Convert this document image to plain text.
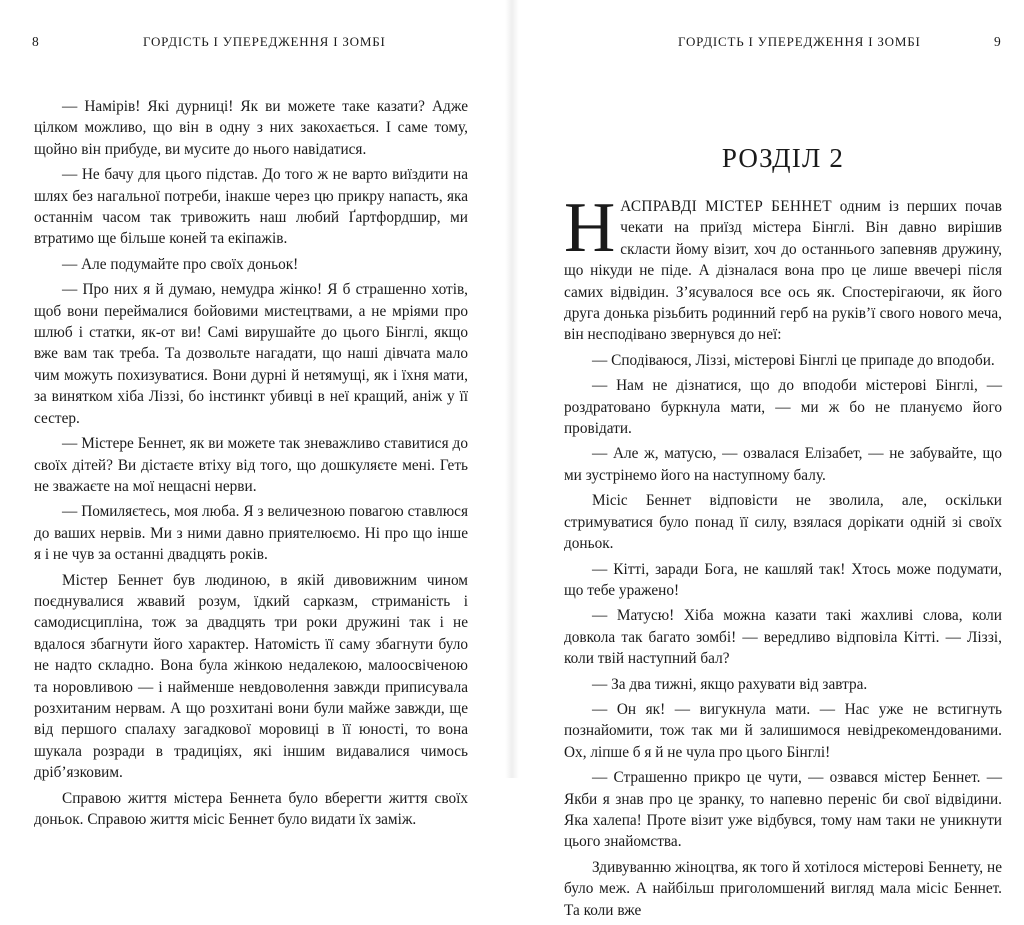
8	ГОРДІСТЬ І УПЕРЕДЖЕННЯ І ЗОМБІ

— Намірів! Які дурниці! Як ви можете таке казати? Адже цілком можливо, що він в одну з них закохається. І саме тому, щойно він прибуде, ви мусите до нього навідатися.

— Не бачу для цього підстав. До того ж не варто виїздити на шлях без нагальної потреби, інакше через цю прикру напасть, яка останнім часом так тривожить наш любий Ґартфордшир, ми втратимо ще більше коней та екіпажів.

— Але подумайте про своїх доньок!

— Про них я й думаю, немудра жінко! Я б страшенно хотів, щоб вони переймалися бойовими мистецтвами, а не мріями про шлюб і статки, як-от ви! Самі вирушайте до цього Бінглі, якщо вже вам так треба. Та дозвольте нагадати, що наші дівчата мало чим можуть похизуватися. Вони дурні й нетямущі, як і їхня мати, за винятком хіба Ліззі, бо інстинкт убивці в неї кращий, аніж у її сестер.

— Містере Беннет, як ви можете так зневажливо ставитися до своїх дітей? Ви дістаєте втіху від того, що дошкуляєте мені. Геть не зважаєте на мої нещасні нерви.

— Помиляєтесь, моя люба. Я з величезною повагою ставлюся до ваших нервів. Ми з ними давно приятелюємо. Ні про що інше я і не чув за останні двадцять років.

Містер Беннет був людиною, в якій дивовижним чином поєднувалися жвавий розум, їдкий сарказм, стриманість і самодисципліна, тож за двадцять три роки дружині так і не вдалося збагнути його характер. Натомість її саму збагнути було не надто складно. Вона була жінкою недалекою, малоосвіченою та норовливою — і найменше невдоволення завжди приписувала розхитаним нервам. А що розхитані вони були майже завжди, ще від першого спалаху загадкової моровиці в її юності, то вона шукала розради в традиціях, які іншим видавалися чимось дріб’язковим.

Справою життя містера Беннета було вберегти життя своїх доньок. Справою життя місіс Беннет було видати їх заміж.

ГОРДІСТЬ І УПЕРЕДЖЕННЯ І ЗОМБІ	9
РОЗДІЛ 2

НАСПРАВДІ МІСТЕР БЕННЕТ одним із перших почав чекати на приїзд містера Бінглі. Він давно вирішив скласти йому візит, хоч до останнього запевняв дружину, що нікуди не піде. А дізналася вона про це лише ввечері після самих відвідин. З’ясувалося все ось як. Спостерігаючи, як його друга донька різьбить родинний герб на руків’ї свого нового меча, він несподівано звернувся до неї:

— Сподіваюся, Ліззі, містерові Бінглі це припаде до вподоби.

— Нам не дізнатися, що до вподоби містерові Бінглі, — роздратовано буркнула мати, — ми ж бо не плануємо його провідати.

— Але ж, матусю, — озвалася Елізабет, — не забувайте, що ми зустрінемо його на наступному балу.

Місіс Беннет відповісти не зволила, але, оскільки стримуватися було понад її силу, взялася дорікати одній зі своїх доньок.

— Кітті, заради Бога, не кашляй так! Хтось може подумати, що тебе уражено!

— Матусю! Хіба можна казати такі жахливі слова, коли довкола так багато зомбі! — вередливо відповіла Кітті. — Ліззі, коли твій наступний бал?

— За два тижні, якщо рахувати від завтра.

— Он як! — вигукнула мати. — Нас уже не встигнуть познайомити, тож так ми й залишимося невідрекомендованими. Ох, ліпше б я й не чула про цього Бінглі!

— Страшенно прикро це чути, — озвався містер Беннет. — Якби я знав про це зранку, то напевно переніс би свої відвідини. Яка халепа! Проте візит уже відбувся, тому нам таки не уникнути цього знайомства.

Здивуванню жіноцтва, як того й хотілося містерові Беннету, не було меж. А найбільш приголомшений вигляд мала місіс Беннет. Та коли вже
